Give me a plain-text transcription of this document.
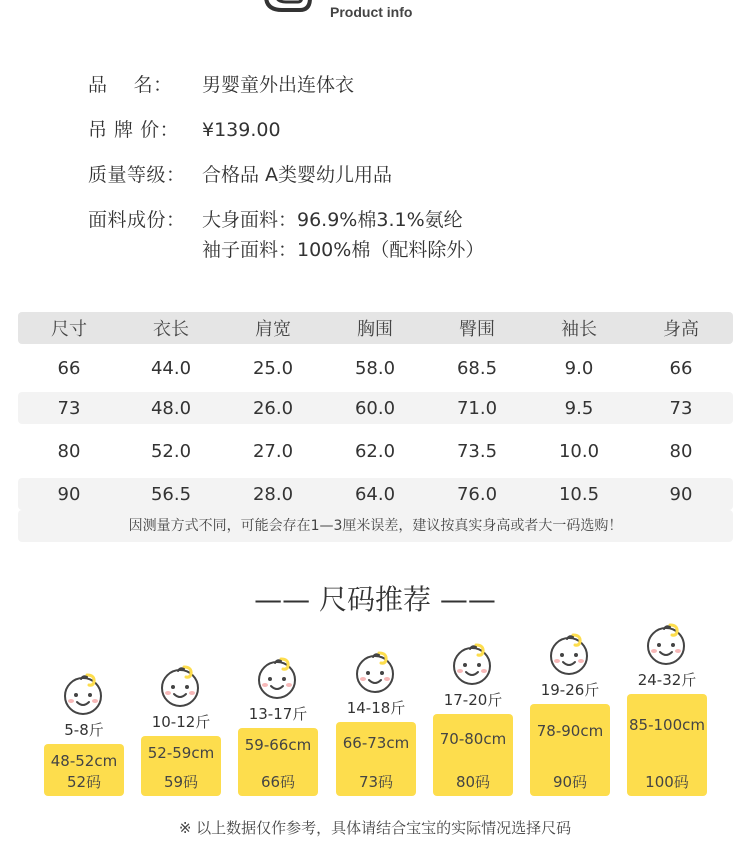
Product info
品    名：	男婴童外出连体衣
吊 牌 价：	¥139.00
质量等级： 合格品 A类婴幼儿用品
面料成份： 大身面料：96.9%棉3.1%氨纶
袖子面料：100%棉（配料除外）
尺寸	衣长	肩宽	胸围	臀围	袖长	身高
66	44.0	25.0	58.0	68.5	9.0	66
73	48.0	26.0	60.0	71.0	9.5	73
80	52.0	27.0	62.0	73.5	10.0	80
90	56.5	28.0	64.0	76.0	10.5	90
因测量方式不同，可能会存在1—3厘米误差，建议按真实身高或者大一码选购！
—— 尺码推荐 ——
5-8斤
48-52cm
52码
10-12斤
52-59cm
59码
13-17斤
59-66cm
66码
14-18斤
66-73cm
73码
17-20斤
70-80cm
80码
19-26斤
78-90cm
90码
24-32斤
85-100cm
100码
※ 以上数据仅作参考，具体请结合宝宝的实际情况选择尺码
